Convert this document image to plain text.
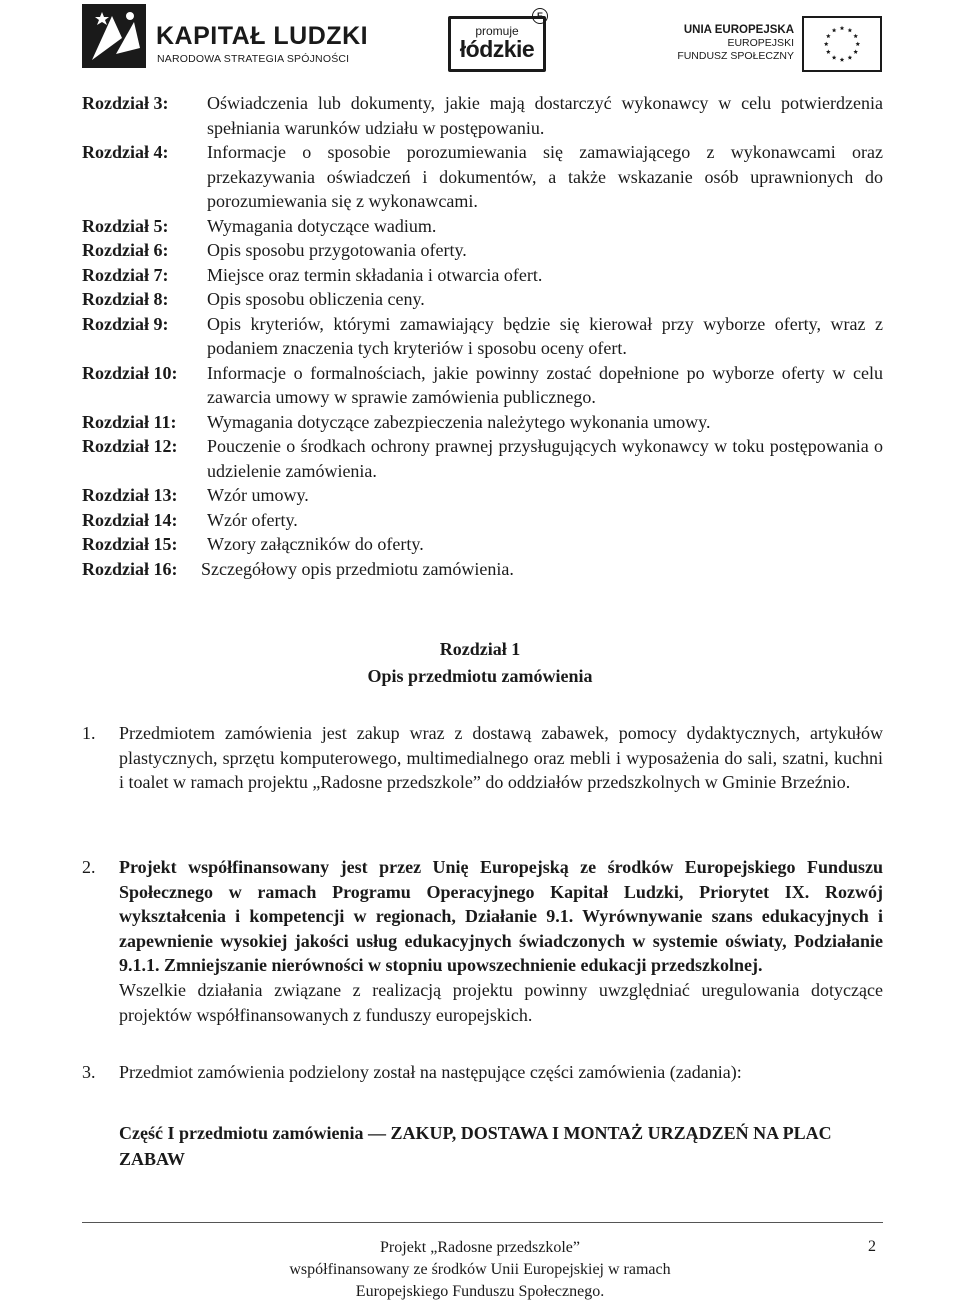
KAPITAŁ LUDZKI
NARODOWA STRATEGIA SPÓJNOŚCI
promuje
łódzkie
E
UNIA EUROPEJSKA
EUROPEJSKI
FUNDUSZ SPOŁECZNY
Rozdział 3:	Oświadczenia lub dokumenty, jakie mają dostarczyć wykonawcy w celu potwierdzenia spełniania warunków udziału w postępowaniu.
Rozdział 4:	Informacje o sposobie porozumiewania się zamawiającego z wykonawcami oraz przekazywania oświadczeń i dokumentów, a także wskazanie osób uprawnionych do porozumiewania się z wykonawcami.
Rozdział 5:	Wymagania dotyczące wadium.
Rozdział 6:	Opis sposobu przygotowania oferty.
Rozdział 7:	Miejsce oraz termin składania i otwarcia ofert.
Rozdział 8:	Opis sposobu obliczenia ceny.
Rozdział 9:	Opis kryteriów, którymi zamawiający będzie się kierował przy wyborze oferty, wraz z podaniem znaczenia tych kryteriów i sposobu oceny ofert.
Rozdział 10:	Informacje o formalnościach, jakie powinny zostać dopełnione po wyborze oferty w celu zawarcia umowy w sprawie zamówienia publicznego.
Rozdział 11:	Wymagania dotyczące zabezpieczenia należytego wykonania umowy.
Rozdział 12:	Pouczenie o środkach ochrony prawnej przysługujących wykonawcy w toku postępowania o udzielenie zamówienia.
Rozdział 13:	Wzór umowy.
Rozdział 14:	Wzór oferty.
Rozdział 15:	Wzory załączników do oferty.
Rozdział 16:	Szczegółowy opis przedmiotu zamówienia.
Rozdział 1
Opis przedmiotu zamówienia
1. Przedmiotem zamówienia jest zakup wraz z dostawą zabawek, pomocy dydaktycznych, artykułów plastycznych, sprzętu komputerowego, multimedialnego oraz mebli i wyposażenia do sali, szatni, kuchni i toalet w ramach projektu „Radosne przedszkole” do oddziałów przedszkolnych w Gminie Brzeźnio.
2. Projekt współfinansowany jest przez Unię Europejską ze środków Europejskiego Funduszu Społecznego w ramach Programu Operacyjnego Kapitał Ludzki, Priorytet IX. Rozwój wykształcenia i kompetencji w regionach, Działanie 9.1. Wyrównywanie szans edukacyjnych i zapewnienie wysokiej jakości usług edukacyjnych świadczonych w systemie oświaty, Podziałanie 9.1.1. Zmniejszanie nierówności w stopniu upowszechnienie edukacji przedszkolnej.
Wszelkie działania związane z realizacją projektu powinny uwzględniać uregulowania dotyczące projektów współfinansowanych z funduszy europejskich.
3. Przedmiot zamówienia podzielony został na następujące części zamówienia (zadania):
Część I przedmiotu zamówienia — ZAKUP, DOSTAWA I MONTAŻ URZĄDZEŃ NA PLAC ZABAW
Projekt „Radosne przedszkole”
współfinansowany ze środków Unii Europejskiej w ramach
Europejskiego Funduszu Społecznego.
2
